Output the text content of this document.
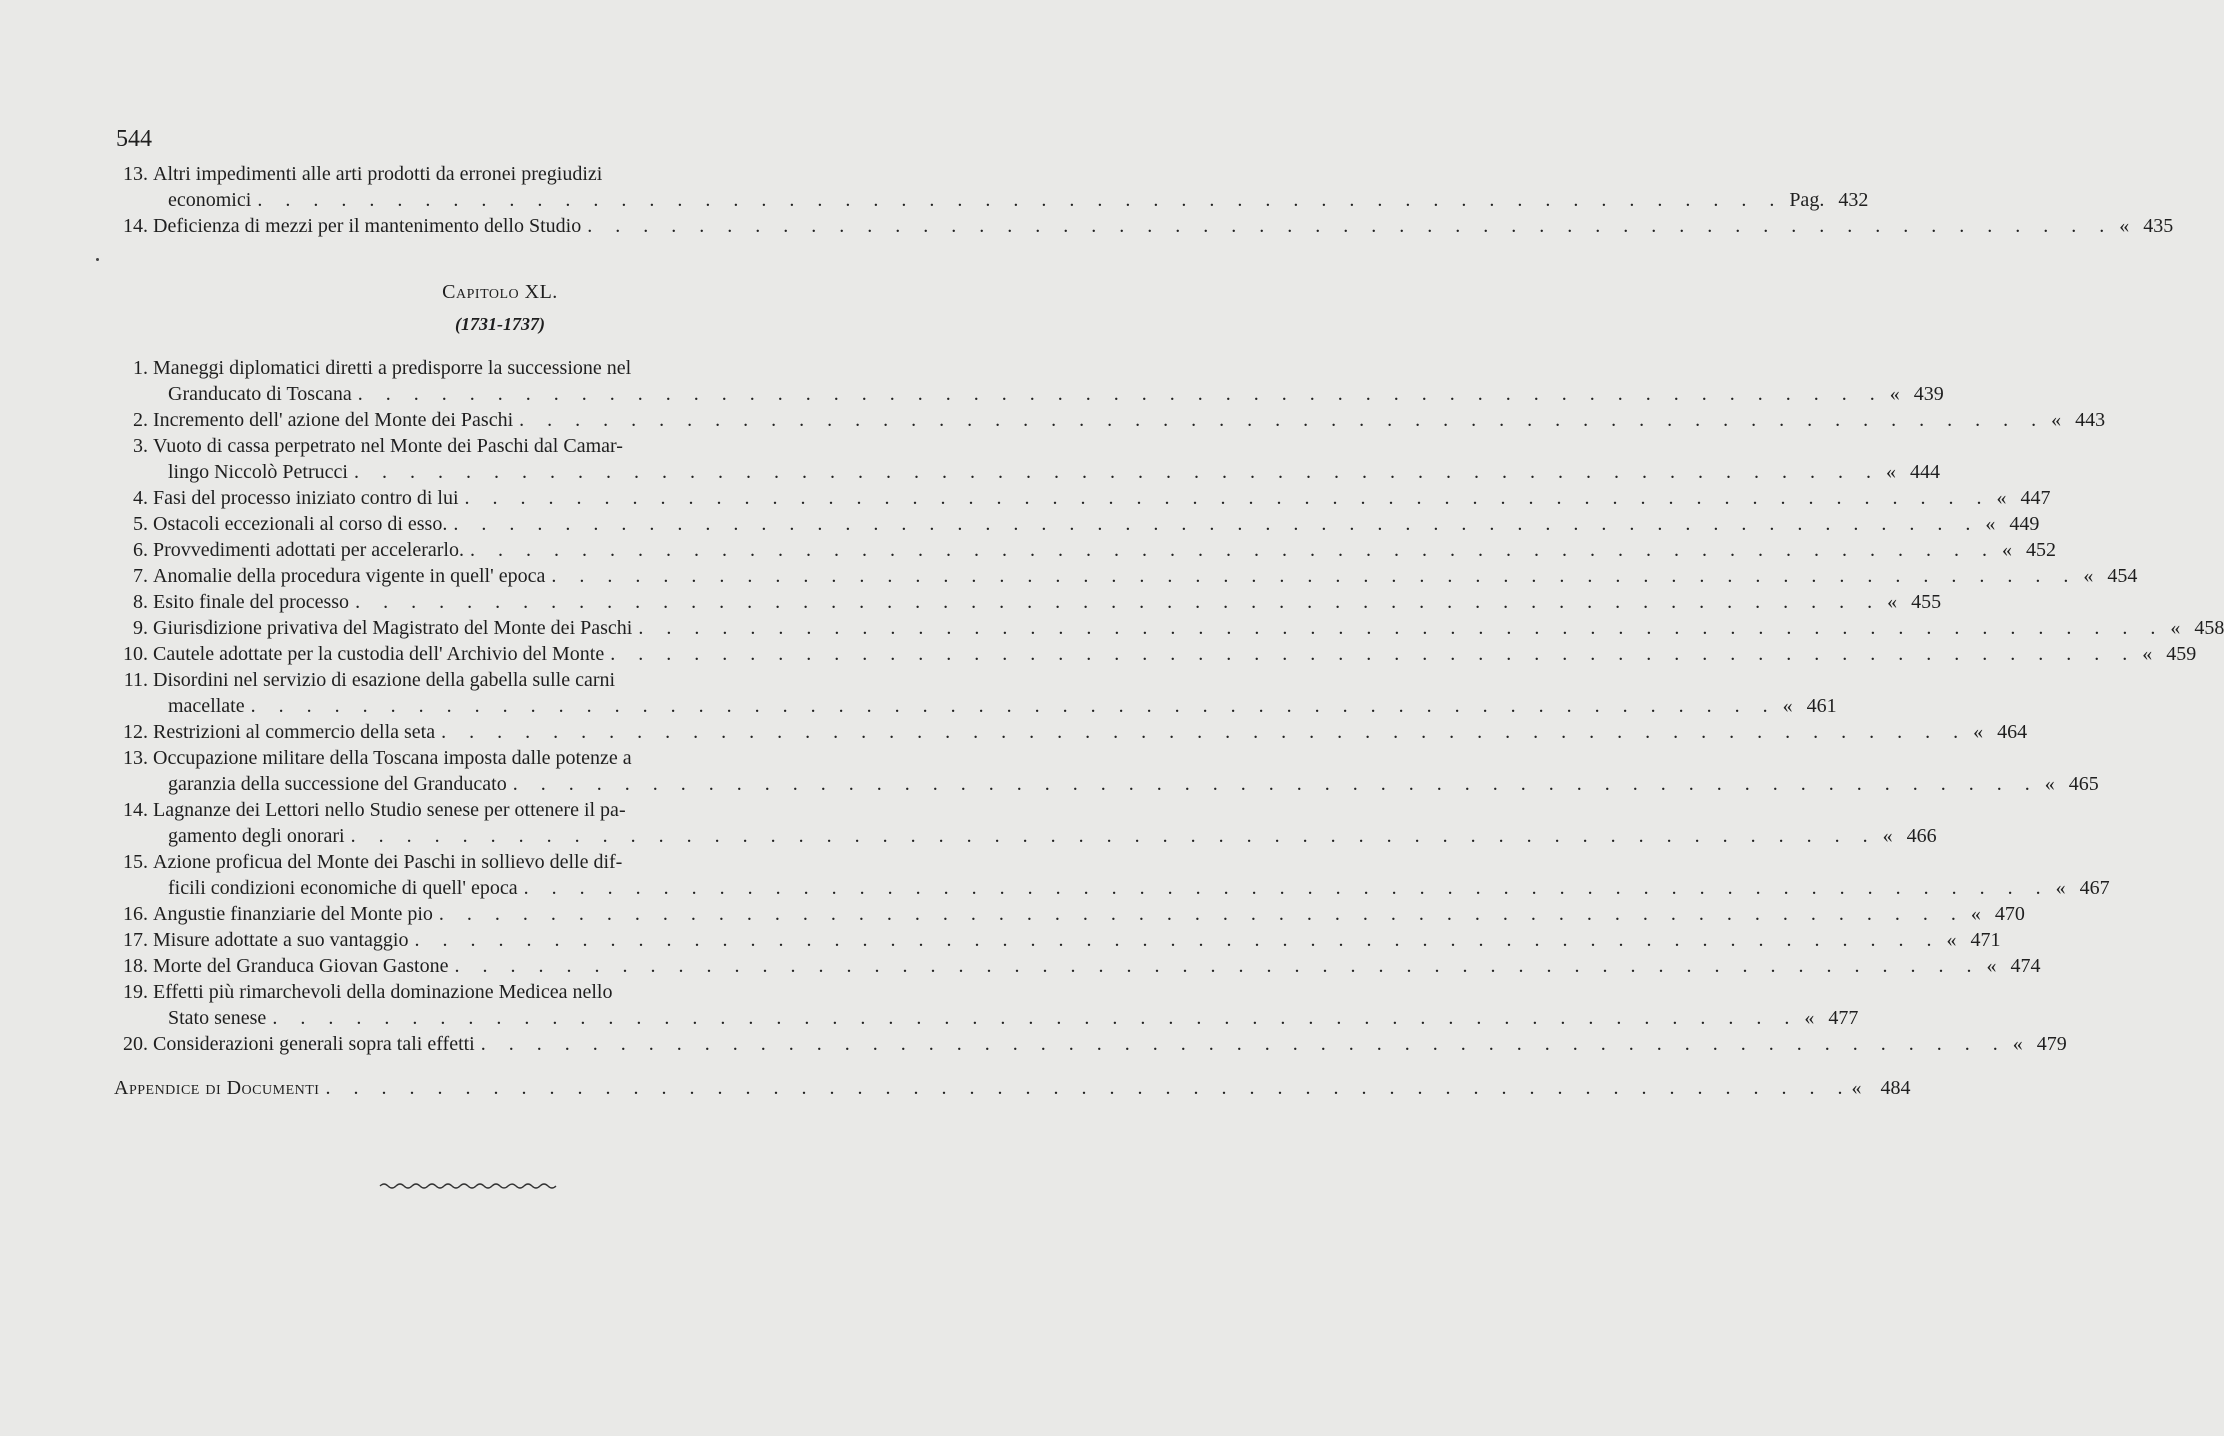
544
13. Altri impedimenti alle arti prodotti da erronei pregiudizi
economici . . . . . . . . . . . . . . . . . . . . . . . . . . . . . . . . . . . . . . . . . . . . . . . . . . . . . . . Pag. 432
14. Deficienza di mezzi per il mantenimento dello Studio . . . . . . . . . . . . . . . . . . . . . . . . . . . . . . . . . . . . . . . . . . . . . . . . . . . . . . . « 435
Capitolo XL.
(1731-1737)
1. Maneggi diplomatici diretti a predisporre la successione nel
Granducato di Toscana . . . . . . . . . . . . . . . . . . . . . . . . . . . . . . . . . . . . . . . . . . . . . . . . . . . . . . . « 439
2. Incremento dell' azione del Monte dei Paschi . . . . . . . . . . . . . . . . . . . . . . . . . . . . . . . . . . . . . . . . . . . . . . . . . . . . . . . « 443
3. Vuoto di cassa perpetrato nel Monte dei Paschi dal Camar-
lingo Niccolò Petrucci . . . . . . . . . . . . . . . . . . . . . . . . . . . . . . . . . . . . . . . . . . . . . . . . . . . . . . . « 444
4. Fasi del processo iniziato contro di lui . . . . . . . . . . . . . . . . . . . . . . . . . . . . . . . . . . . . . . . . . . . . . . . . . . . . . . . « 447
5. Ostacoli eccezionali al corso di esso. . . . . . . . . . . . . . . . . . . . . . . . . . . . . . . . . . . . . . . . . . . . . . . . . . . . . . . . « 449
6. Provvedimenti adottati per accelerarlo. . . . . . . . . . . . . . . . . . . . . . . . . . . . . . . . . . . . . . . . . . . . . . . . . . . . . . . . « 452
7. Anomalie della procedura vigente in quell' epoca . . . . . . . . . . . . . . . . . . . . . . . . . . . . . . . . . . . . . . . . . . . . . . . . . . . . . . . « 454
8. Esito finale del processo . . . . . . . . . . . . . . . . . . . . . . . . . . . . . . . . . . . . . . . . . . . . . . . . . . . . . . . « 455
9. Giurisdizione privativa del Magistrato del Monte dei Paschi . . . . . . . . . . . . . . . . . . . . . . . . . . . . . . . . . . . . . . . . . . . . . . . . . . . . . . . « 458
10. Cautele adottate per la custodia dell' Archivio del Monte . . . . . . . . . . . . . . . . . . . . . . . . . . . . . . . . . . . . . . . . . . . . . . . . . . . . . . . « 459
11. Disordini nel servizio di esazione della gabella sulle carni
macellate . . . . . . . . . . . . . . . . . . . . . . . . . . . . . . . . . . . . . . . . . . . . . . . . . . . . . . . « 461
12. Restrizioni al commercio della seta . . . . . . . . . . . . . . . . . . . . . . . . . . . . . . . . . . . . . . . . . . . . . . . . . . . . . . . « 464
13. Occupazione militare della Toscana imposta dalle potenze a
garanzia della successione del Granducato . . . . . . . . . . . . . . . . . . . . . . . . . . . . . . . . . . . . . . . . . . . . . . . . . . . . . . . « 465
14. Lagnanze dei Lettori nello Studio senese per ottenere il pa-
gamento degli onorari . . . . . . . . . . . . . . . . . . . . . . . . . . . . . . . . . . . . . . . . . . . . . . . . . . . . . . . « 466
15. Azione proficua del Monte dei Paschi in sollievo delle dif-
ficili condizioni economiche di quell' epoca . . . . . . . . . . . . . . . . . . . . . . . . . . . . . . . . . . . . . . . . . . . . . . . . . . . . . . . « 467
16. Angustie finanziarie del Monte pio . . . . . . . . . . . . . . . . . . . . . . . . . . . . . . . . . . . . . . . . . . . . . . . . . . . . . . . « 470
17. Misure adottate a suo vantaggio . . . . . . . . . . . . . . . . . . . . . . . . . . . . . . . . . . . . . . . . . . . . . . . . . . . . . . . « 471
18. Morte del Granduca Giovan Gastone . . . . . . . . . . . . . . . . . . . . . . . . . . . . . . . . . . . . . . . . . . . . . . . . . . . . . . . « 474
19. Effetti più rimarchevoli della dominazione Medicea nello
Stato senese . . . . . . . . . . . . . . . . . . . . . . . . . . . . . . . . . . . . . . . . . . . . . . . . . . . . . . . « 477
20. Considerazioni generali sopra tali effetti . . . . . . . . . . . . . . . . . . . . . . . . . . . . . . . . . . . . . . . . . . . . . . . . . . . . . . . « 479
Appendice di Documenti . . . . . . . . . . . . . . . . . . . . . . . . . . . . . . . . . . . . . . . . . . . . . . . . . . . . . . . « 484
